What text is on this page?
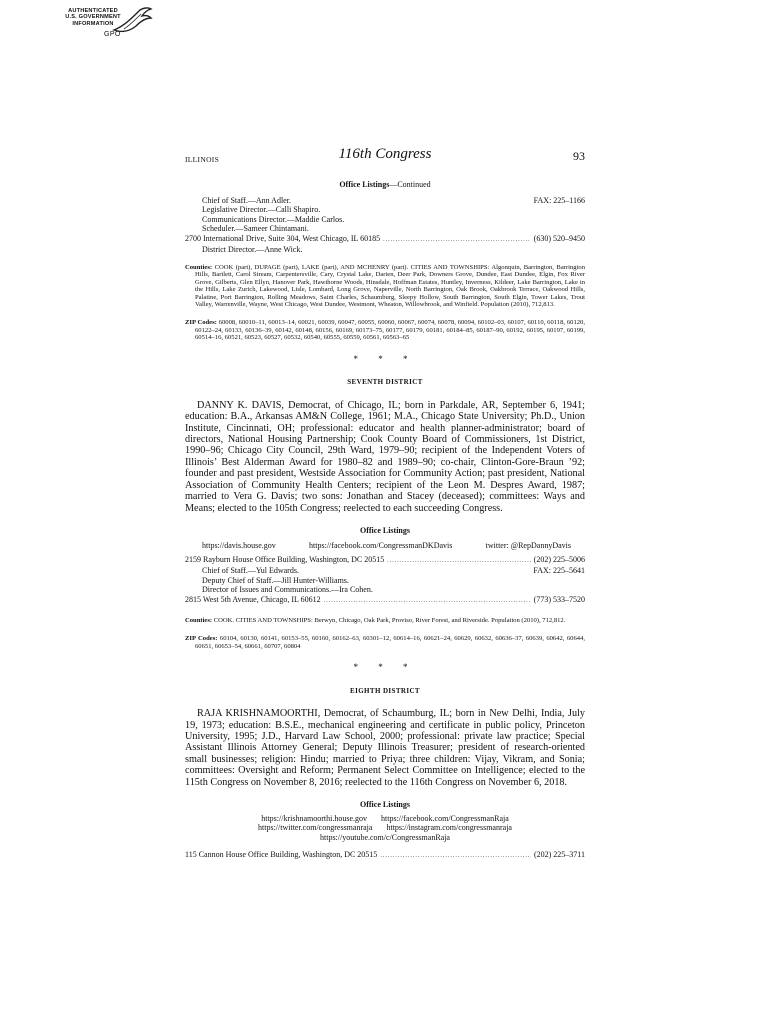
AUTHENTICATED
U.S. GOVERNMENT
INFORMATION
GPO
ILLINOIS	116th Congress	93
Office Listings—Continued
Chief of Staff.—Ann Adler.	FAX: 225–1166
Legislative Director.—Calli Shapiro.
Communications Director.—Maddie Carlos.
Scheduler.—Sameer Chintamani.
2700 International Drive, Suite 304, West Chicago, IL 60185 .....	(630) 520–9450
District Director.—Anne Wick.
Counties: COOK (part), DUPAGE (part), LAKE (part), AND MCHENRY (part). CITIES AND TOWNSHIPS: Algonquin, Barrington, Barrington Hills, Bartlett, Carol Stream, Carpentersville, Cary, Crystal Lake, Darien, Deer Park, Downers Grove, Dundee, East Dundee, Elgin, Fox River Grove, Gilberts, Glen Ellyn, Hanover Park, Hawthorne Woods, Hinsdale, Hoffman Estates, Huntley, Inverness, Kildeer, Lake Barrington, Lake in the Hills, Lake Zurich, Lakewood, Lisle, Lombard, Long Grove, Naperville, North Barrington, Oak Brook, Oakbrook Terrace, Oakwood Hills, Palatine, Port Barrington, Rolling Meadows, Saint Charles, Schaumburg, Sleepy Hollow, South Barrington, South Elgin, Tower Lakes, Trout Valley, Warrenville, Wayne, West Chicago, West Dundee, Westmont, Wheaton, Willowbrook, and Winfield. Population (2010), 712,813.
ZIP Codes: 60008, 60010–11, 60013–14, 60021, 60039, 60047, 60055, 60060, 60067, 60074, 60078, 60094, 60102–03, 60107, 60110, 60118, 60120, 60122–24, 60133, 60136–39, 60142, 60148, 60156, 60169, 60173–75, 60177, 60179, 60181, 60184–85, 60187–90, 60192, 60195, 60197, 60199, 60514–16, 60521, 60523, 60527, 60532, 60540, 60555, 60559, 60561, 60563–65
* * *
SEVENTH DISTRICT
DANNY K. DAVIS, Democrat, of Chicago, IL; born in Parkdale, AR, September 6, 1941; education: B.A., Arkansas AM&N College, 1961; M.A., Chicago State University; Ph.D., Union Institute, Cincinnati, OH; professional: educator and health planner-administrator; board of directors, National Housing Partnership; Cook County Board of Commissioners, 1st District, 1990–96; Chicago City Council, 29th Ward, 1979–90; recipient of the Independent Voters of Illinois’ Best Alderman Award for 1980–82 and 1989–90; co-chair, Clinton-Gore-Braun ’92; founder and past president, Westside Association for Community Action; past president, National Association of Community Health Centers; recipient of the Leon M. Despres Award, 1987; married to Vera G. Davis; two sons: Jonathan and Stacey (deceased); committees: Ways and Means; elected to the 105th Congress; reelected to each succeeding Congress.
Office Listings
https://davis.house.gov	https://facebook.com/CongressmanDKDavis	twitter: @RepDannyDavis
2159 Rayburn House Office Building, Washington, DC 20515 .....	(202) 225–5006
Chief of Staff.—Yul Edwards.	FAX: 225–5641
Deputy Chief of Staff.—Jill Hunter-Williams.
Director of Issues and Communications.—Ira Cohen.
2815 West 5th Avenue, Chicago, IL 60612 .....	(773) 533–7520
Counties: COOK. CITIES AND TOWNSHIPS: Berwyn, Chicago, Oak Park, Proviso, River Forest, and Riverside. Population (2010), 712,812.
ZIP Codes: 60104, 60130, 60141, 60153–55, 60160, 60162–63, 60301–12, 60614–16, 60621–24, 60629, 60632, 60636–37, 60639, 60642, 60644, 60651, 60653–54, 60661, 60707, 60804
* * *
EIGHTH DISTRICT
RAJA KRISHNAMOORTHI, Democrat, of Schaumburg, IL; born in New Delhi, India, July 19, 1973; education: B.S.E., mechanical engineering and certificate in public policy, Princeton University, 1995; J.D., Harvard Law School, 2000; professional: private law practice; Special Assistant Illinois Attorney General; Deputy Illinois Treasurer; president of research-oriented small businesses; religion: Hindu; married to Priya; three children: Vijay, Vikram, and Sonia; committees: Oversight and Reform; Permanent Select Committee on Intelligence; elected to the 115th Congress on November 8, 2016; reelected to the 116th Congress on November 6, 2018.
Office Listings
https://krishnamoorthi.house.gov https://facebook.com/CongressmanRaja
https://twitter.com/congressmanraja https://instagram.com/congressmanraja
https://youtube.com/c/CongressmanRaja
115 Cannon House Office Building, Washington, DC 20515 .....	(202) 225–3711
